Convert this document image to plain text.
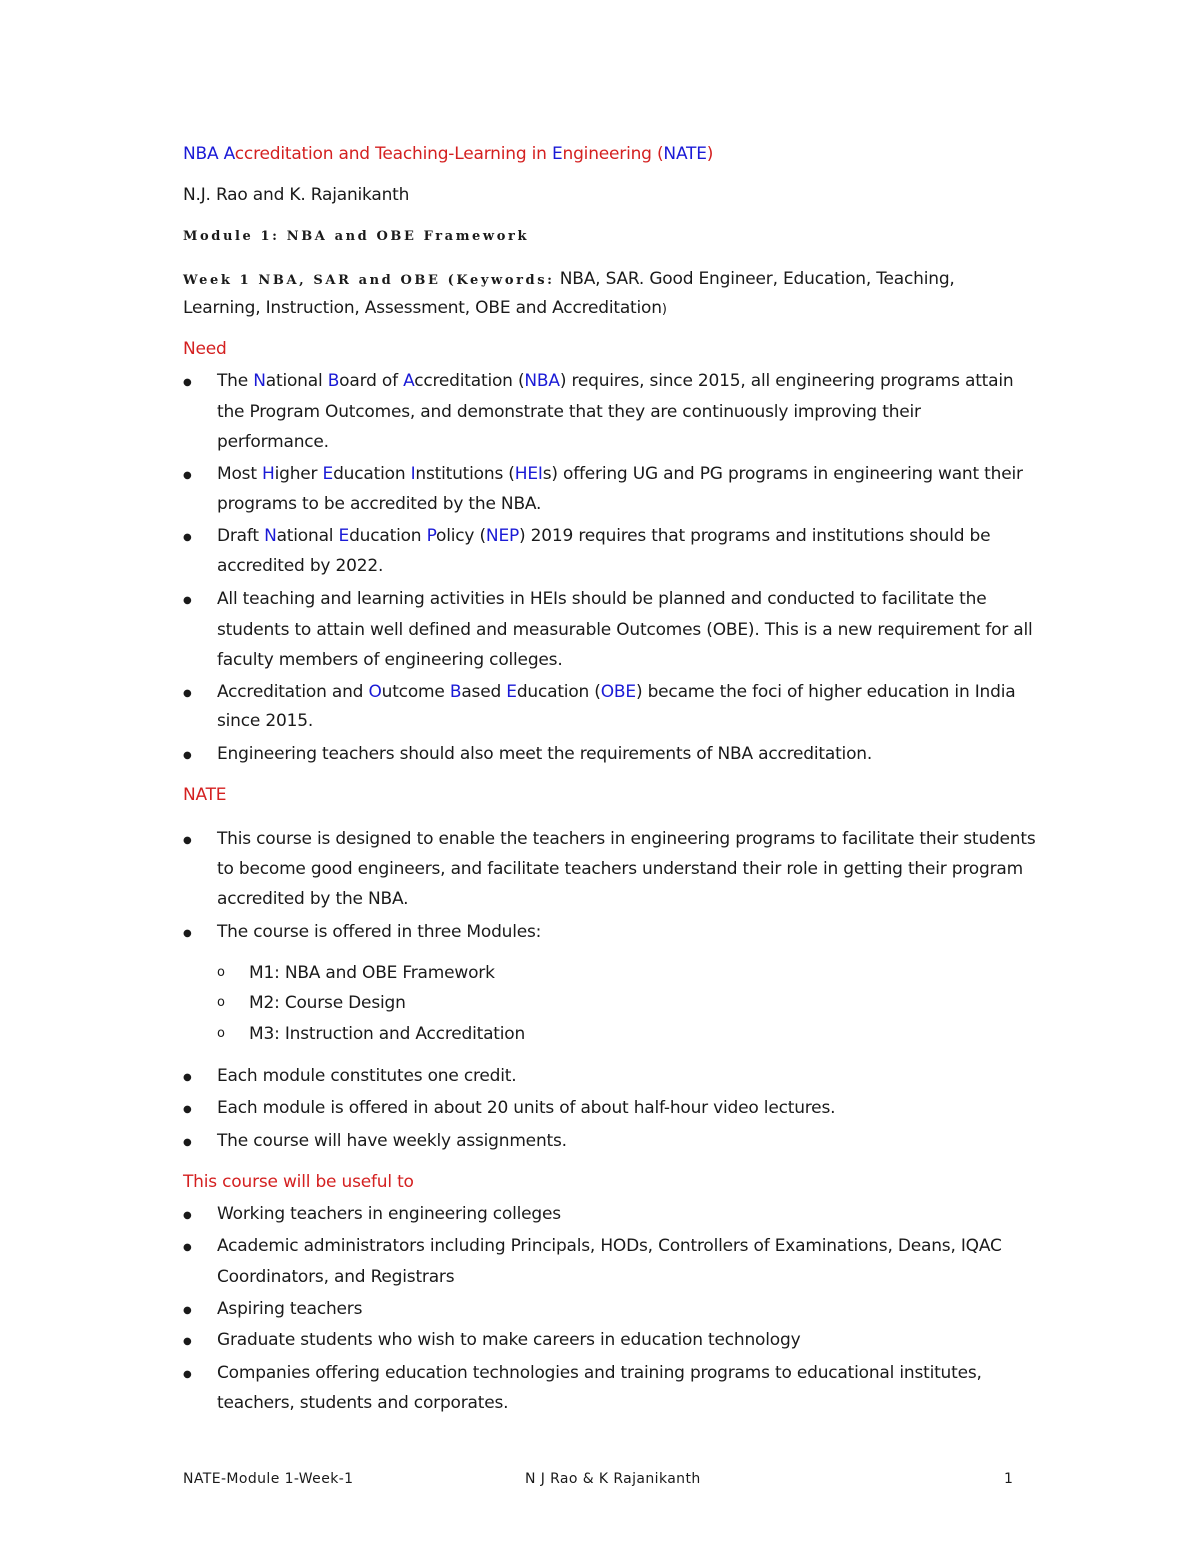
NBA Accreditation and Teaching-Learning in Engineering (NATE)
N.J. Rao and K. Rajanikanth
Module 1: NBA and OBE Framework
Week 1 NBA, SAR and OBE (Keywords: NBA, SAR. Good Engineer, Education, Teaching,
Learning, Instruction, Assessment, OBE and Accreditation)
Need
●
The National Board of Accreditation (NBA) requires, since 2015, all engineering programs attain
the Program Outcomes, and demonstrate that they are continuously improving their
performance.
●
Most Higher Education Institutions (HEIs) offering UG and PG programs in engineering want their
programs to be accredited by the NBA.
●
Draft National Education Policy (NEP) 2019 requires that programs and institutions should be
accredited by 2022.
●
All teaching and learning activities in HEIs should be planned and conducted to facilitate the
students to attain well defined and measurable Outcomes (OBE). This is a new requirement for all
faculty members of engineering colleges.
●
Accreditation and Outcome Based Education (OBE) became the foci of higher education in India
since 2015.
●
Engineering teachers should also meet the requirements of NBA accreditation.
NATE
●
This course is designed to enable the teachers in engineering programs to facilitate their students
to become good engineers, and facilitate teachers understand their role in getting their program
accredited by the NBA.
●
The course is offered in three Modules:
o
M1: NBA and OBE Framework
o
M2: Course Design
o
M3: Instruction and Accreditation
●
Each module constitutes one credit.
●
Each module is offered in about 20 units of about half-hour video lectures.
●
The course will have weekly assignments.
This course will be useful to
●
Working teachers in engineering colleges
●
Academic administrators including Principals, HODs, Controllers of Examinations, Deans, IQAC
Coordinators, and Registrars
●
Aspiring teachers
●
Graduate students who wish to make careers in education technology
●
Companies offering education technologies and training programs to educational institutes,
teachers, students and corporates.
NATE-Module 1-Week-1	N J Rao & K Rajanikanth	1
